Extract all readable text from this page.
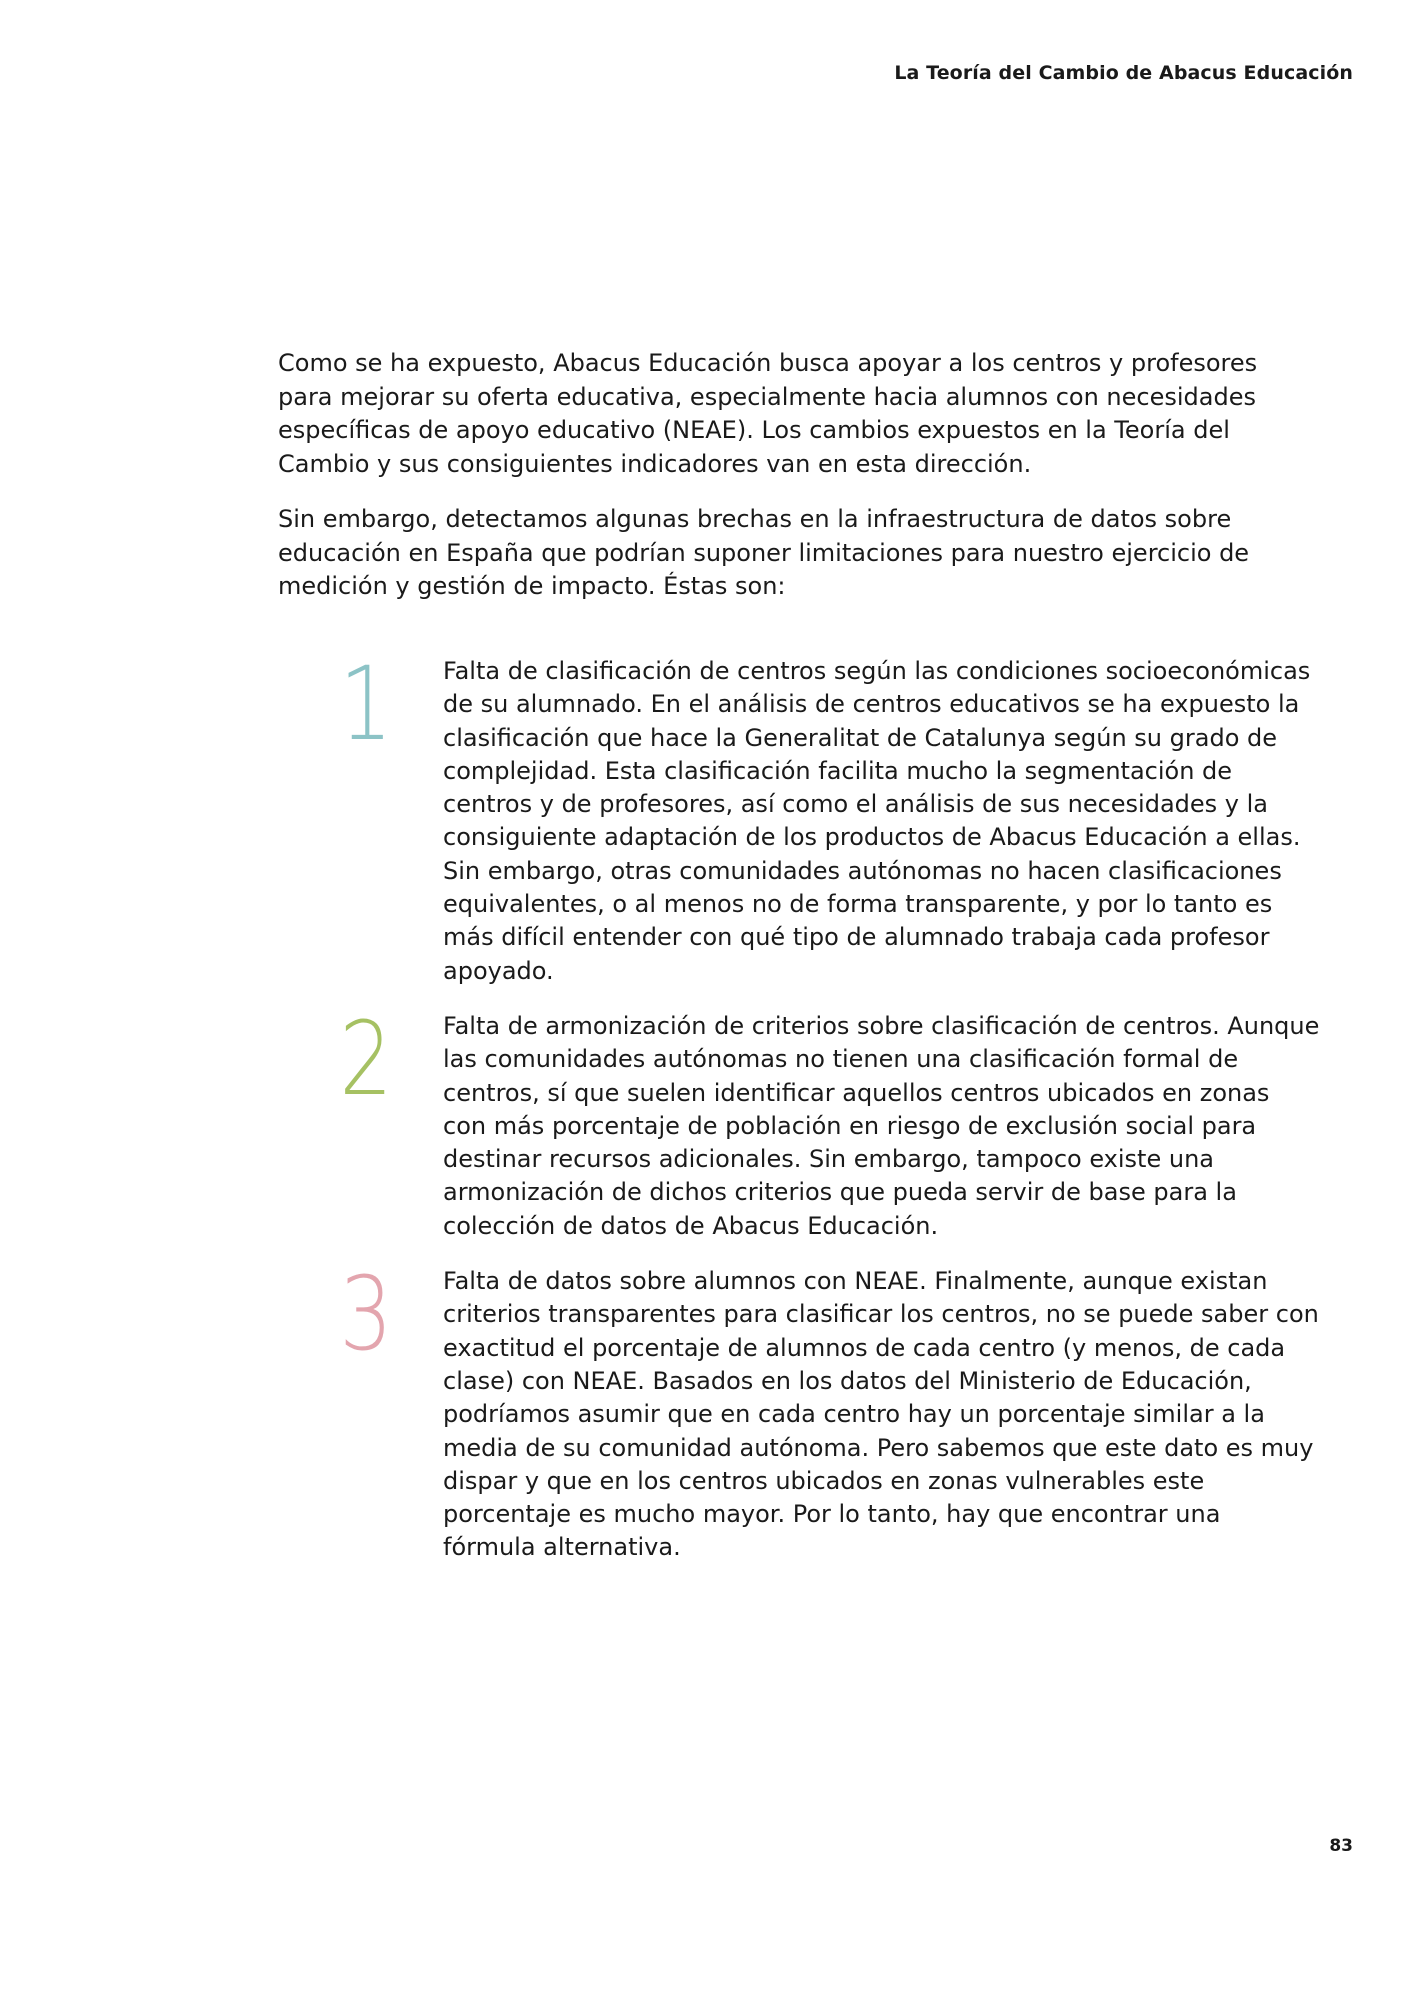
La Teoría del Cambio de Abacus Educación

Como se ha expuesto, Abacus Educación busca apoyar a los centros y profesores para mejorar su oferta educativa, especialmente hacia alumnos con necesidades específicas de apoyo educativo (NEAE). Los cambios expuestos en la Teoría del Cambio y sus consiguientes indicadores van en esta dirección.

Sin embargo, detectamos algunas brechas en la infraestructura de datos sobre educación en España que podrían suponer limitaciones para nuestro ejercicio de medición y gestión de impacto. Éstas son:

1	Falta de clasificación de centros según las condiciones socioeconómicas de su alumnado. En el análisis de centros educativos se ha expuesto la clasificación que hace la Generalitat de Catalunya según su grado de complejidad. Esta clasificación facilita mucho la segmentación de centros y de profesores, así como el análisis de sus necesidades y la consiguiente adaptación de los productos de Abacus Educación a ellas. Sin embargo, otras comunidades autónomas no hacen clasificaciones equivalentes, o al menos no de forma transparente, y por lo tanto es más difícil entender con qué tipo de alumnado trabaja cada profesor apoyado.

2	Falta de armonización de criterios sobre clasificación de centros. Aunque las comunidades autónomas no tienen una clasificación formal de centros, sí que suelen identificar aquellos centros ubicados en zonas con más porcentaje de población en riesgo de exclusión social para destinar recursos adicionales. Sin embargo, tampoco existe una armonización de dichos criterios que pueda servir de base para la colección de datos de Abacus Educación.

3	Falta de datos sobre alumnos con NEAE. Finalmente, aunque existan criterios transparentes para clasificar los centros, no se puede saber con exactitud el porcentaje de alumnos de cada centro (y menos, de cada clase) con NEAE. Basados en los datos del Ministerio de Educación, podríamos asumir que en cada centro hay un porcentaje similar a la media de su comunidad autónoma. Pero sabemos que este dato es muy dispar y que en los centros ubicados en zonas vulnerables este porcentaje es mucho mayor. Por lo tanto, hay que encontrar una fórmula alternativa.

83
